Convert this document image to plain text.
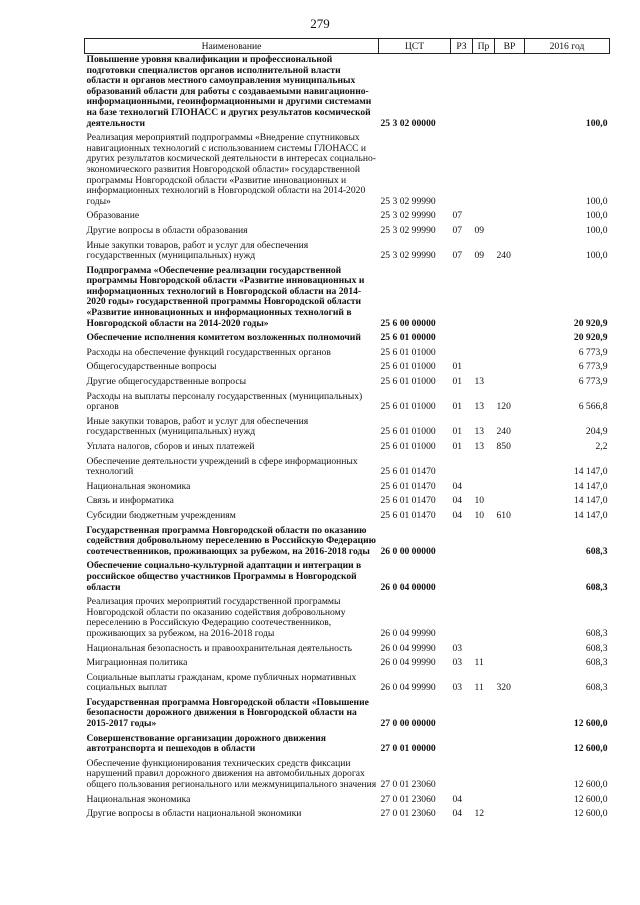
279
Наименование	ЦСТ	РЗ	Пр	ВР	2016 год
Повышение уровня квалификации и профессиональной подготовки специалистов органов исполнительной власти области и органов местного самоуправления муниципальных образований области для работы с создаваемыми навигационно-информационными, геоинформационными и другими системами на базе технологий ГЛОНАСС и других результатов космической деятельности	25 3 02 00000				100,0
Реализация мероприятий подпрограммы «Внедрение спутниковых навигационных технологий с использованием системы ГЛОНАСС и других результатов космической деятельности в интересах социально-экономического развития Новгородской области» государственной программы Новгородской области «Развитие инновационных и информационных технологий в Новгородской области на 2014-2020 годы»	25 3 02 99990				100,0
Образование	25 3 02 99990	07			100,0
Другие вопросы в области образования	25 3 02 99990	07	09		100,0
Иные закупки товаров, работ и услуг для обеспечения государственных (муниципальных) нужд	25 3 02 99990	07	09	240	100,0
Подпрограмма «Обеспечение реализации государственной программы Новгородской области «Развитие инновационных и информационных технологий в Новгородской области на 2014-2020 годы» государственной программы Новгородской области «Развитие инновационных и информационных технологий в Новгородской области на 2014-2020 годы»	25 6 00 00000				20 920,9
Обеспечение исполнения комитетом возложенных полномочий	25 6 01 00000				20 920,9
Расходы на обеспечение функций государственных органов	25 6 01 01000				6 773,9
Общегосударственные вопросы	25 6 01 01000	01			6 773,9
Другие общегосударственные вопросы	25 6 01 01000	01	13		6 773,9
Расходы на выплаты персоналу государственных (муниципальных) органов	25 6 01 01000	01	13	120	6 566,8
Иные закупки товаров, работ и услуг для обеспечения государственных (муниципальных) нужд	25 6 01 01000	01	13	240	204,9
Уплата налогов, сборов и иных платежей	25 6 01 01000	01	13	850	2,2
Обеспечение деятельности учреждений в сфере информационных технологий	25 6 01 01470				14 147,0
Национальная экономика	25 6 01 01470	04			14 147,0
Связь и информатика	25 6 01 01470	04	10		14 147,0
Субсидии бюджетным учреждениям	25 6 01 01470	04	10	610	14 147,0
Государственная программа Новгородской области по оказанию содействия добровольному переселению в Российскую Федерацию соотечественников, проживающих за рубежом, на 2016-2018 годы	26 0 00 00000				608,3
Обеспечение социально-культурной адаптации и интеграции в российское общество участников Программы в Новгородской области	26 0 04 00000				608,3
Реализация прочих мероприятий государственной программы Новгородской области по оказанию содействия добровольному переселению в Российскую Федерацию соотечественников, проживающих за рубежом, на 2016-2018 годы	26 0 04 99990				608,3
Национальная безопасность и правоохранительная деятельность	26 0 04 99990	03			608,3
Миграционная политика	26 0 04 99990	03	11		608,3
Социальные выплаты гражданам, кроме публичных нормативных социальных выплат	26 0 04 99990	03	11	320	608,3
Государственная программа Новгородской области «Повышение безопасности дорожного движения в Новгородской области на 2015-2017 годы»	27 0 00 00000				12 600,0
Совершенствование организации дорожного движения автотранспорта и пешеходов в области	27 0 01 00000				12 600,0
Обеспечение функционирования технических средств фиксации нарушений правил дорожного движения на автомобильных дорогах общего пользования регионального или межмуниципального значения	27 0 01 23060				12 600,0
Национальная экономика	27 0 01 23060	04			12 600,0
Другие вопросы в области национальной экономики	27 0 01 23060	04	12		12 600,0
